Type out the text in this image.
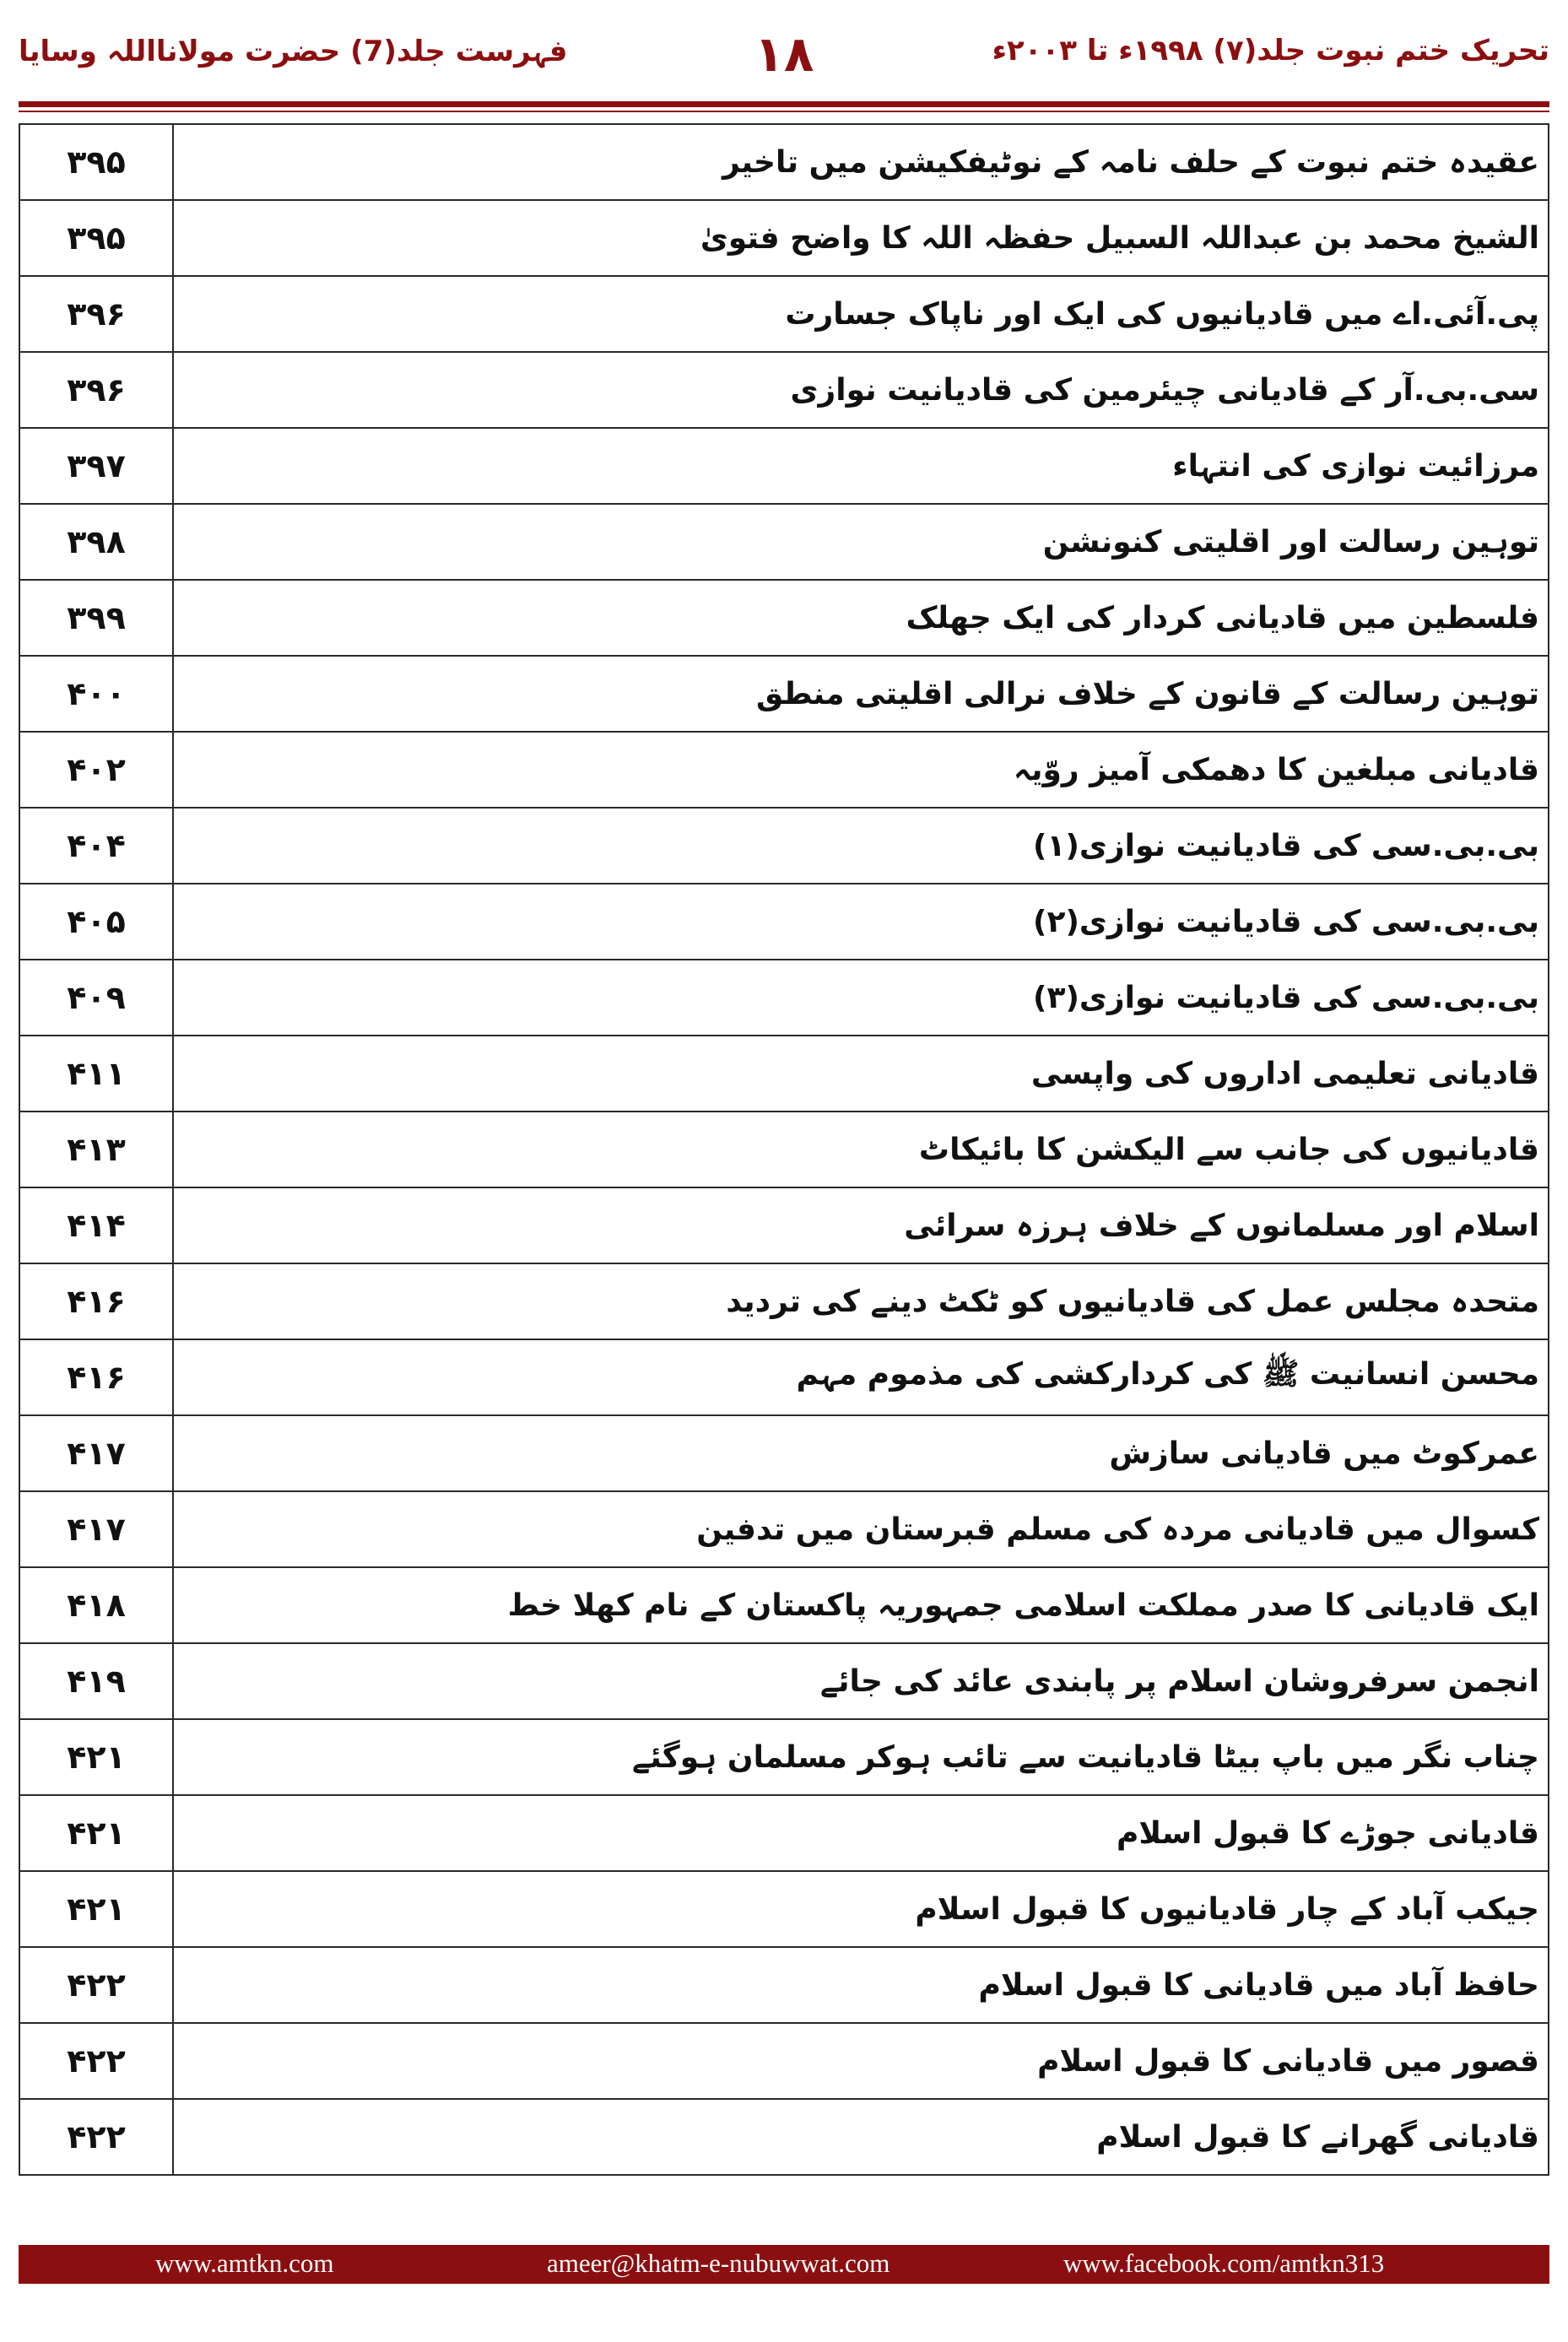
تحریک ختم نبوت جلد(۷) ۱۹۹۸ء تا ۲۰۰۳ء
۱۸
فہرست جلد(7) حضرت مولانااللہ وسایا
۳۹۵	عقیدہ ختم نبوت کے حلف نامہ کے نوٹیفکیشن میں تاخیر
۳۹۵	الشیخ محمد بن عبداللہ السبیل حفظہ اللہ کا واضح فتویٰ
۳۹۶	پی.آئی.اے میں قادیانیوں کی ایک اور ناپاک جسارت
۳۹۶	سی.بی.آر کے قادیانی چیئرمین کی قادیانیت نوازی
۳۹۷	مرزائیت نوازی کی انتہاء
۳۹۸	توہین رسالت اور اقلیتی کنونشن
۳۹۹	فلسطین میں قادیانی کردار کی ایک جھلک
۴۰۰	توہین رسالت کے قانون کے خلاف نرالی اقلیتی منطق
۴۰۲	قادیانی مبلغین کا دھمکی آمیز روّیہ
۴۰۴	بی.بی.سی کی قادیانیت نوازی(۱)
۴۰۵	بی.بی.سی کی قادیانیت نوازی(۲)
۴۰۹	بی.بی.سی کی قادیانیت نوازی(۳)
۴۱۱	قادیانی تعلیمی اداروں کی واپسی
۴۱۳	قادیانیوں کی جانب سے الیکشن کا بائیکاٹ
۴۱۴	اسلام اور مسلمانوں کے خلاف ہرزہ سرائی
۴۱۶	متحدہ مجلس عمل کی قادیانیوں کو ٹکٹ دینے کی تردید
۴۱۶	محسن انسانیت ﷺ کی کردارکشی کی مذموم مہم
۴۱۷	عمرکوٹ میں قادیانی سازش
۴۱۷	کسوال میں قادیانی مردہ کی مسلم قبرستان میں تدفین
۴۱۸	ایک قادیانی کا صدر مملکت اسلامی جمہوریہ پاکستان کے نام کھلا خط
۴۱۹	انجمن سرفروشان اسلام پر پابندی عائد کی جائے
۴۲۱	چناب نگر میں باپ بیٹا قادیانیت سے تائب ہوکر مسلمان ہوگئے
۴۲۱	قادیانی جوڑے کا قبول اسلام
۴۲۱	جیکب آباد کے چار قادیانیوں کا قبول اسلام
۴۲۲	حافظ آباد میں قادیانی کا قبول اسلام
۴۲۲	قصور میں قادیانی کا قبول اسلام
۴۲۲	قادیانی گھرانے کا قبول اسلام
www.amtkn.com	ameer@khatm-e-nubuwwat.com	www.facebook.com/amtkn313
